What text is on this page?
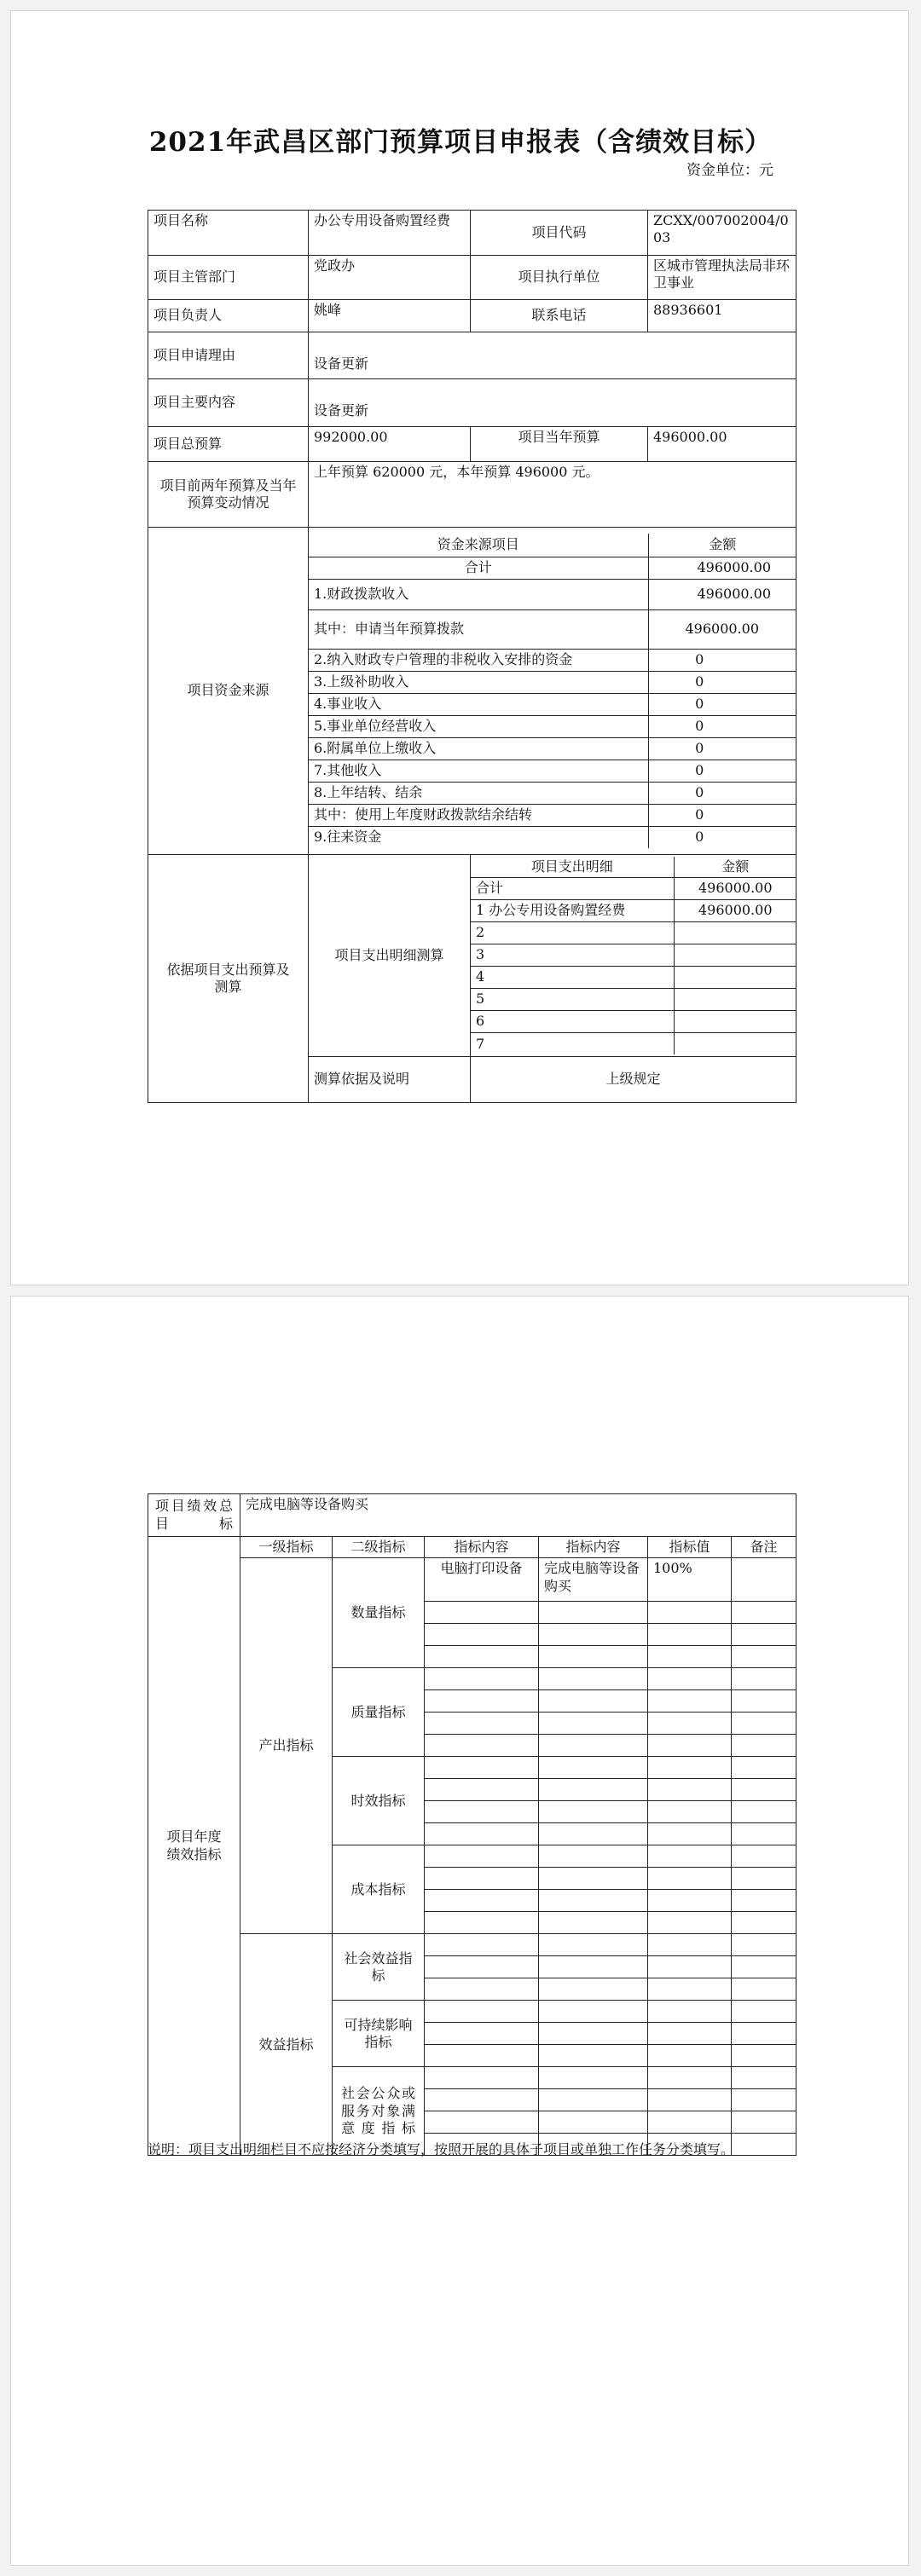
2021年武昌区部门预算项目申报表（含绩效目标）
资金单位：元
项目名称	办公专用设备购置经费	项目代码	ZCXX/007002004/003
项目主管部门	党政办	项目执行单位	区城市管理执法局非环卫事业
项目负责人	姚峰	联系电话	88936601
项目申请理由	设备更新
项目主要内容	设备更新
项目总预算	992000.00	项目当年预算	496000.00
项目前两年预算及当年预算变动情况	上年预算 620000 元，本年预算 496000 元。
项目资金来源	
资金来源项目	金额
合计	496000.00
1.财政拨款收入	496000.00
其中：申请当年预算拨款	496000.00
2.纳入财政专户管理的非税收入安排的资金	0
3.上级补助收入	0
4.事业收入	0
5.事业单位经营收入	0
6.附属单位上缴收入	0
7.其他收入	0
8.上年结转、结余	0
其中：使用上年度财政拨款结余结转	0
9.往来资金	0

依据项目支出预算及测算	项目支出明细测算	
项目支出明细	金额
合计	496000.00
1 办公专用设备购置经费	496000.00
2	
3	
4	
5	
6	
7	

测算依据及说明	上级规定
项目绩效总目标	完成电脑等设备购买					
项目年度绩效指标	一级指标	二级指标	指标内容	指标内容	指标值	备注
	产出指标	数量指标	电脑打印设备	完成电脑等设备购买	100%	

		质量指标				

		时效指标				

		成本指标				

	效益指标	社会效益指标				

		可持续影响指标				

		社会公众或服务对象满意度指标				

说明：项目支出明细栏目不应按经济分类填写，按照开展的具体子项目或单独工作任务分类填写。
